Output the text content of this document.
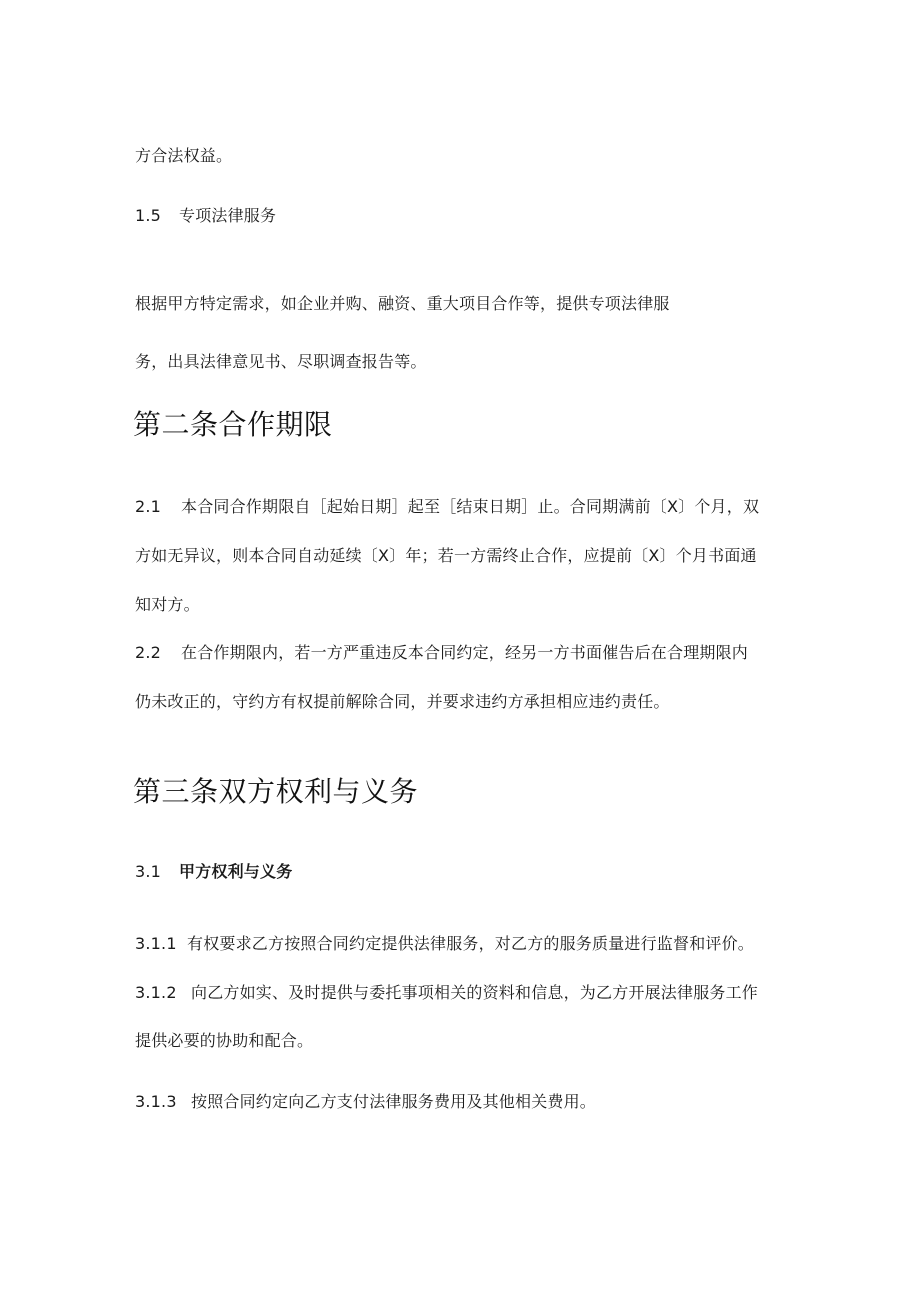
方合法权益。
1.5 专项法律服务
根据甲方特定需求，如企业并购、融资、重大项目合作等，提供专项法律服
务，出具法律意见书、尽职调查报告等。
第二条合作期限
2.1 本合同合作期限自［起始日期］起至［结束日期］止。合同期满前〔X〕个月，双
方如无异议，则本合同自动延续〔X〕年；若一方需终止合作，应提前〔X〕个月书面通
知对方。
2.2 在合作期限内，若一方严重违反本合同约定，经另一方书面催告后在合理期限内
仍未改正的，守约方有权提前解除合同，并要求违约方承担相应违约责任。
第三条双方权利与义务
3.1 甲方权利与义务
3.1.1 有权要求乙方按照合同约定提供法律服务，对乙方的服务质量进行监督和评价。
3.1.2 向乙方如实、及时提供与委托事项相关的资料和信息，为乙方开展法律服务工作
提供必要的协助和配合。
3.1.3 按照合同约定向乙方支付法律服务费用及其他相关费用。
